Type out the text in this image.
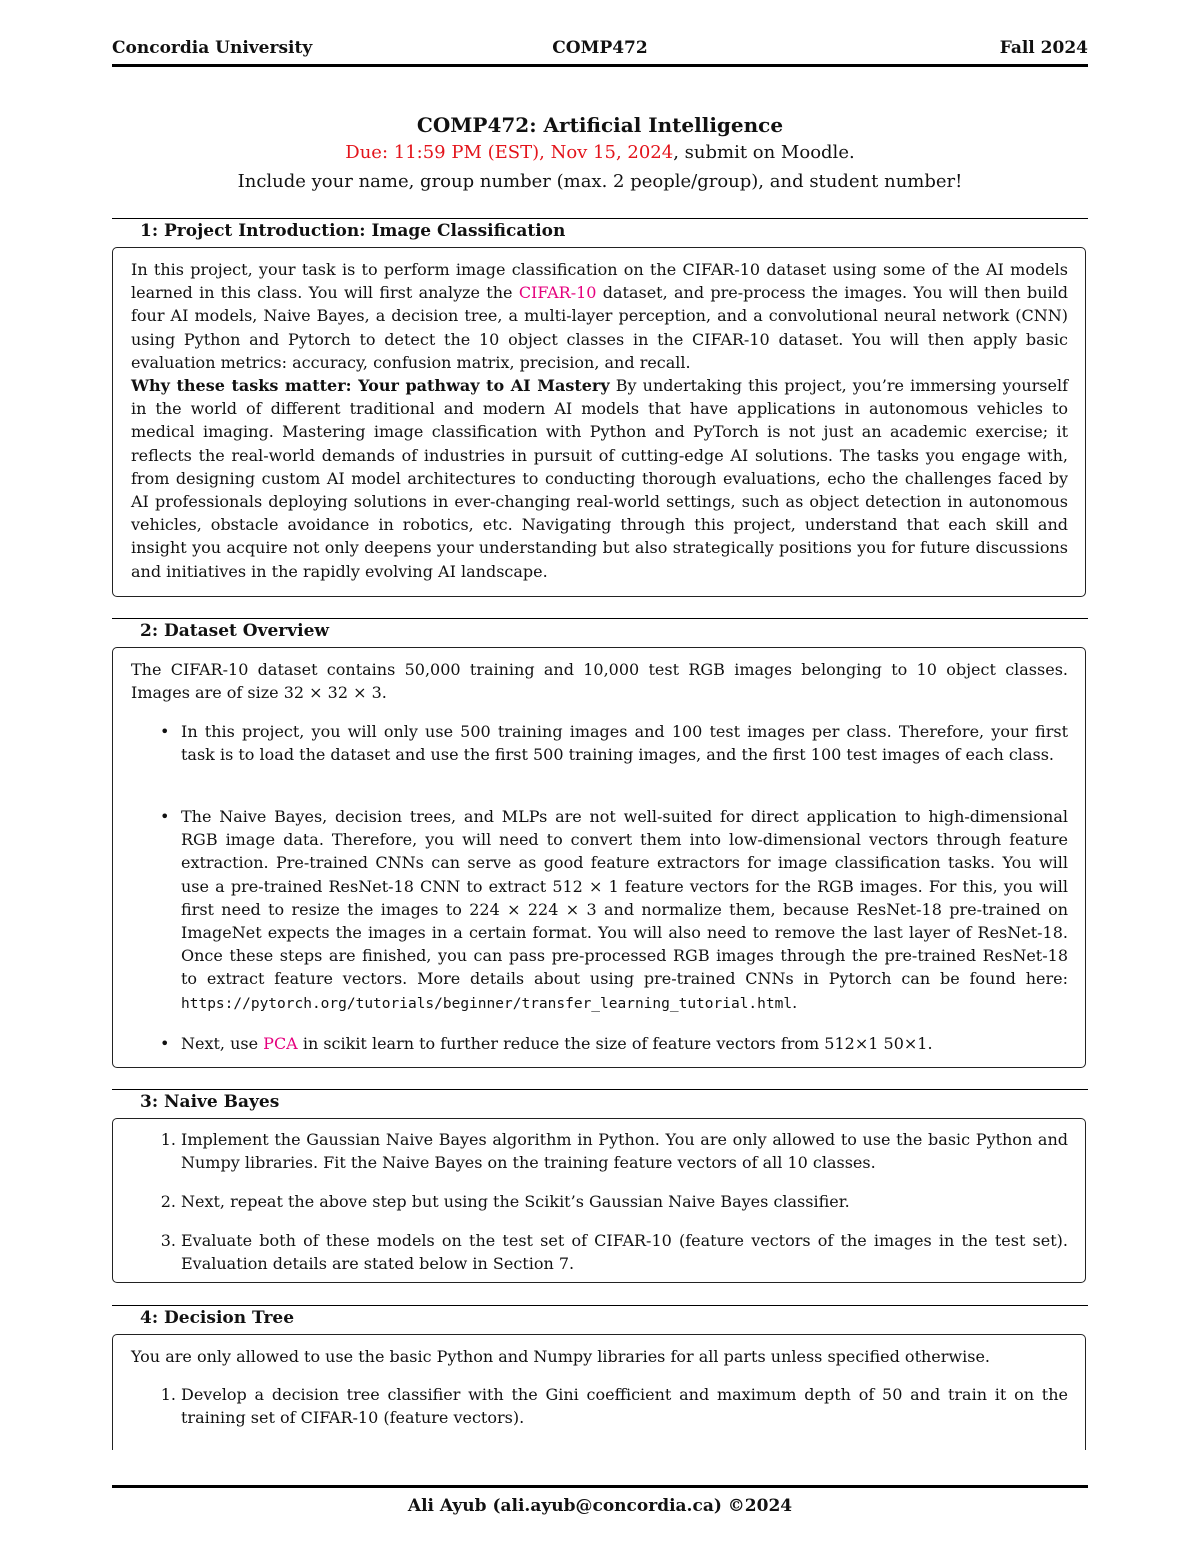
Concordia University	COMP472	Fall 2024
COMP472: Artificial Intelligence
Due: 11:59 PM (EST), Nov 15, 2024, submit on Moodle.
Include your name, group number (max. 2 people/group), and student number!
1: Project Introduction: Image Classification
In this project, your task is to perform image classification on the CIFAR-10 dataset using some of the AI models learned in this class. You will first analyze the CIFAR-10 dataset, and pre-process the images. You will then build four AI models, Naive Bayes, a decision tree, a multi-layer perception, and a convolutional neural network (CNN) using Python and Pytorch to detect the 10 object classes in the CIFAR-10 dataset. You will then apply basic evaluation metrics: accuracy, confusion matrix, precision, and recall.
Why these tasks matter: Your pathway to AI Mastery By undertaking this project, you’re immersing yourself in the world of different traditional and modern AI models that have applications in autonomous vehicles to medical imaging. Mastering image classification with Python and PyTorch is not just an academic exercise; it reflects the real-world demands of industries in pursuit of cutting-edge AI solutions. The tasks you engage with, from designing custom AI model architectures to conducting thorough evaluations, echo the challenges faced by AI professionals deploying solutions in ever-changing real-world settings, such as object detection in autonomous vehicles, obstacle avoidance in robotics, etc. Navigating through this project, understand that each skill and insight you acquire not only deepens your understanding but also strategically positions you for future discussions and initiatives in the rapidly evolving AI landscape.
2: Dataset Overview
The CIFAR-10 dataset contains 50,000 training and 10,000 test RGB images belonging to 10 object classes. Images are of size 32 × 32 × 3.
• In this project, you will only use 500 training images and 100 test images per class. Therefore, your first task is to load the dataset and use the first 500 training images, and the first 100 test images of each class.
• The Naive Bayes, decision trees, and MLPs are not well-suited for direct application to high-dimensional RGB image data. Therefore, you will need to convert them into low-dimensional vectors through feature extraction. Pre-trained CNNs can serve as good feature extractors for image classification tasks. You will use a pre-trained ResNet-18 CNN to extract 512 × 1 feature vectors for the RGB images. For this, you will first need to resize the images to 224 × 224 × 3 and normalize them, because ResNet-18 pre-trained on ImageNet expects the images in a certain format. You will also need to remove the last layer of ResNet-18. Once these steps are finished, you can pass pre-processed RGB images through the pre-trained ResNet-18 to extract feature vectors. More details about using pre-trained CNNs in Pytorch can be found here: https://pytorch.org/tutorials/beginner/transfer_learning_tutorial.html.
• Next, use PCA in scikit learn to further reduce the size of feature vectors from 512×1 50×1.
3: Naive Bayes
1. Implement the Gaussian Naive Bayes algorithm in Python. You are only allowed to use the basic Python and Numpy libraries. Fit the Naive Bayes on the training feature vectors of all 10 classes.
2. Next, repeat the above step but using the Scikit’s Gaussian Naive Bayes classifier.
3. Evaluate both of these models on the test set of CIFAR-10 (feature vectors of the images in the test set). Evaluation details are stated below in Section 7.
4: Decision Tree
You are only allowed to use the basic Python and Numpy libraries for all parts unless specified otherwise.
1. Develop a decision tree classifier with the Gini coefficient and maximum depth of 50 and train it on the training set of CIFAR-10 (feature vectors).
Ali Ayub (ali.ayub@concordia.ca) ©2024
